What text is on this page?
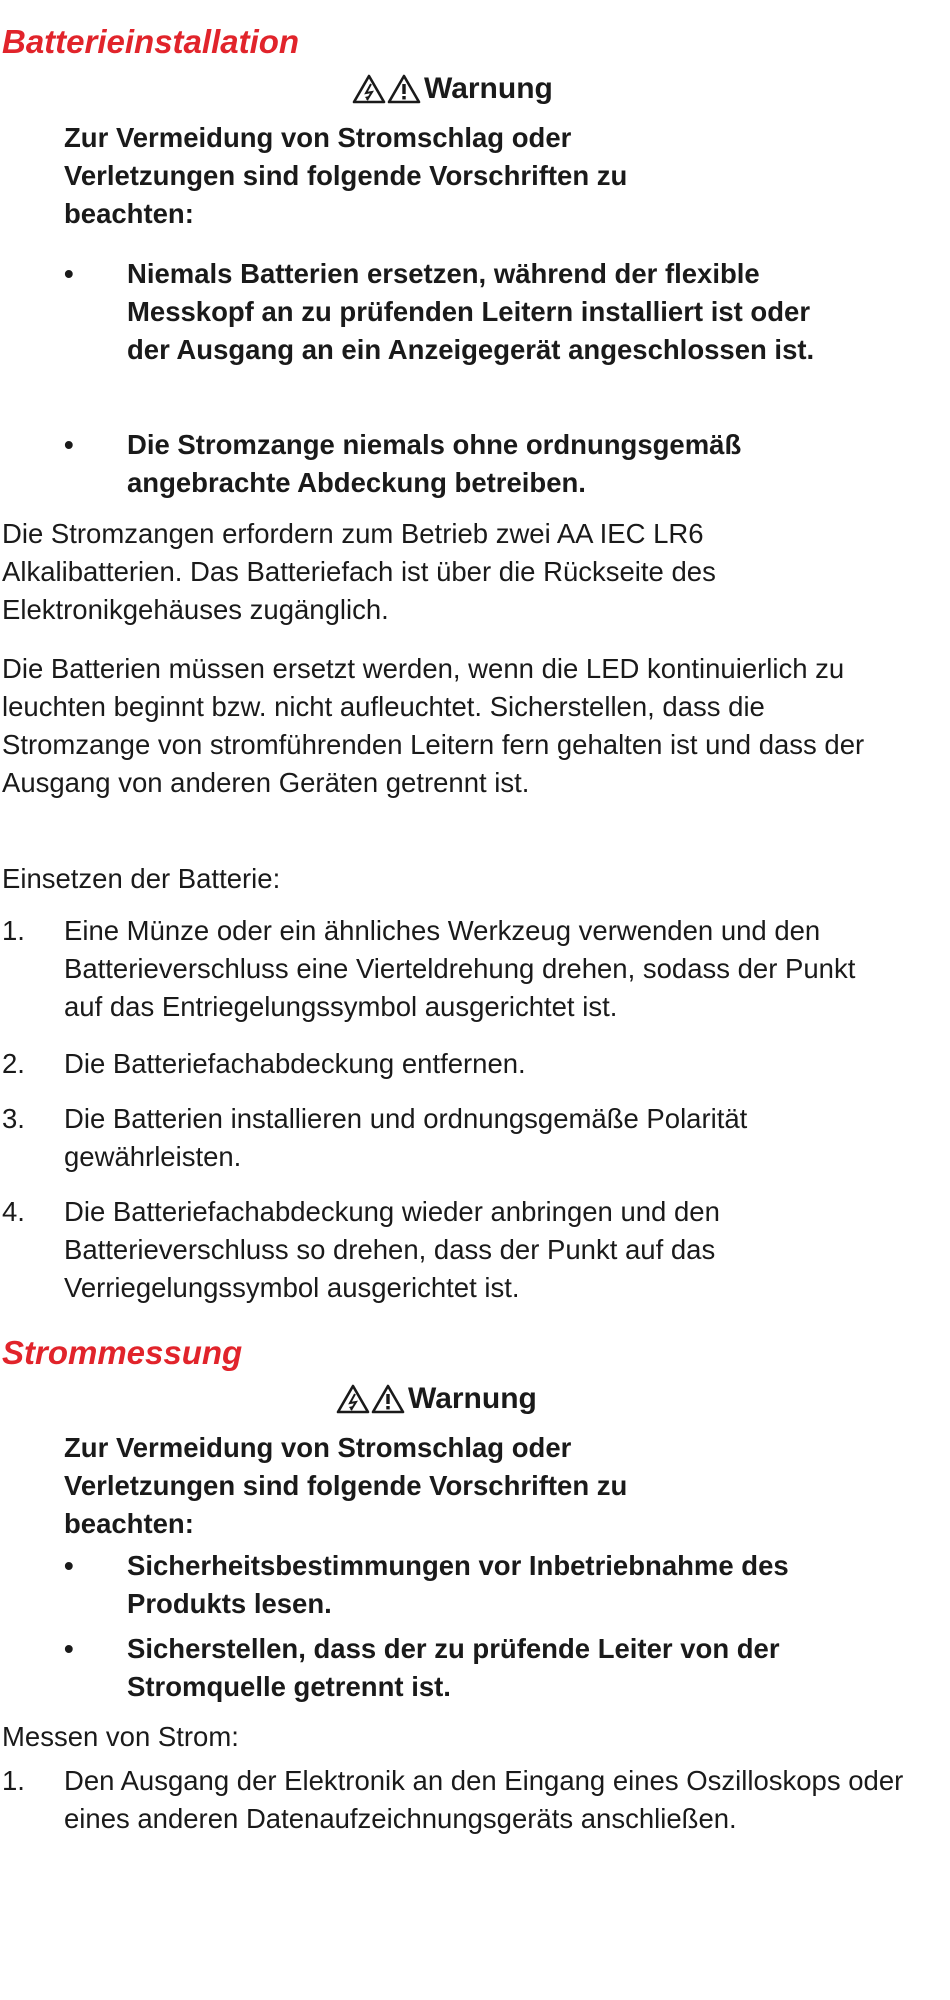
Batterieinstallation
Warnung

Zur Vermeidung von Stromschlag oder Verletzungen sind folgende Vorschriften zu beachten:

• Niemals Batterien ersetzen, während der flexible Messkopf an zu prüfenden Leitern installiert ist oder der Ausgang an ein Anzeigegerät angeschlossen ist.
• Die Stromzange niemals ohne ordnungsgemäß angebrachte Abdeckung betreiben.

Die Stromzangen erfordern zum Betrieb zwei AA IEC LR6 Alkalibatterien. Das Batteriefach ist über die Rückseite des Elektronikgehäuses zugänglich.

Die Batterien müssen ersetzt werden, wenn die LED kontinuierlich zu leuchten beginnt bzw. nicht aufleuchtet. Sicherstellen, dass die Stromzange von stromführenden Leitern fern gehalten ist und dass der Ausgang von anderen Geräten getrennt ist.

Einsetzen der Batterie:

1. Eine Münze oder ein ähnliches Werkzeug verwenden und den Batterieverschluss eine Vierteldrehung drehen, sodass der Punkt auf das Entriegelungssymbol ausgerichtet ist.
2. Die Batteriefachabdeckung entfernen.
3. Die Batterien installieren und ordnungsgemäße Polarität gewährleisten.
4. Die Batteriefachabdeckung wieder anbringen und den Batterieverschluss so drehen, dass der Punkt auf das Verriegelungssymbol ausgerichtet ist.
Strommessung
Warnung

Zur Vermeidung von Stromschlag oder Verletzungen sind folgende Vorschriften zu beachten:

• Sicherheitsbestimmungen vor Inbetriebnahme des Produkts lesen.
• Sicherstellen, dass der zu prüfende Leiter von der Stromquelle getrennt ist.

Messen von Strom:

1. Den Ausgang der Elektronik an den Eingang eines Oszilloskops oder eines anderen Datenaufzeichnungsgeräts anschließen.
